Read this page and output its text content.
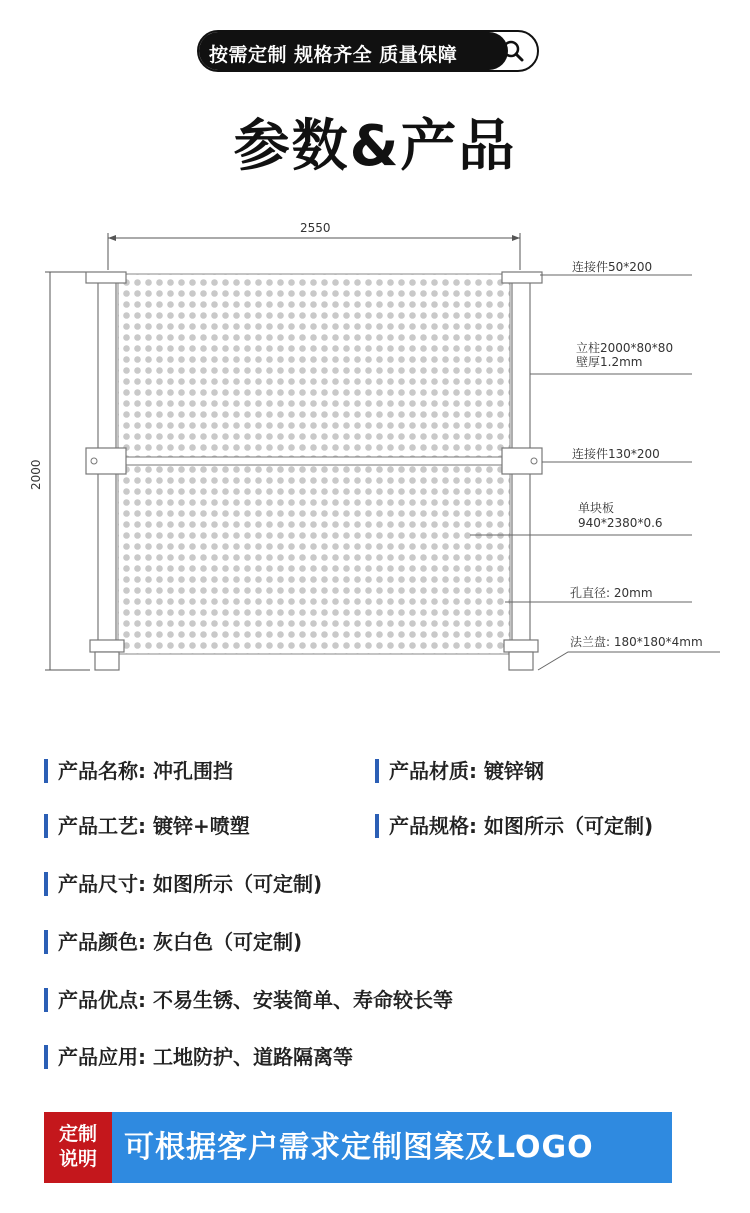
按需定制 规格齐全 质量保障
参数&产品
2550
2000
连接件50*200
立柱2000*80*80
壁厚1.2mm
连接件130*200
单块板
940*2380*0.6
孔直径: 20mm
法兰盘: 180*180*4mm
产品名称: 冲孔围挡	产品材质: 镀锌钢
产品工艺: 镀锌+喷塑	产品规格: 如图所示（可定制)
产品尺寸: 如图所示（可定制)
产品颜色: 灰白色（可定制)
产品优点: 不易生锈、安装简单、寿命较长等
产品应用: 工地防护、道路隔离等
定制
说明 可根据客户需求定制图案及LOGO
